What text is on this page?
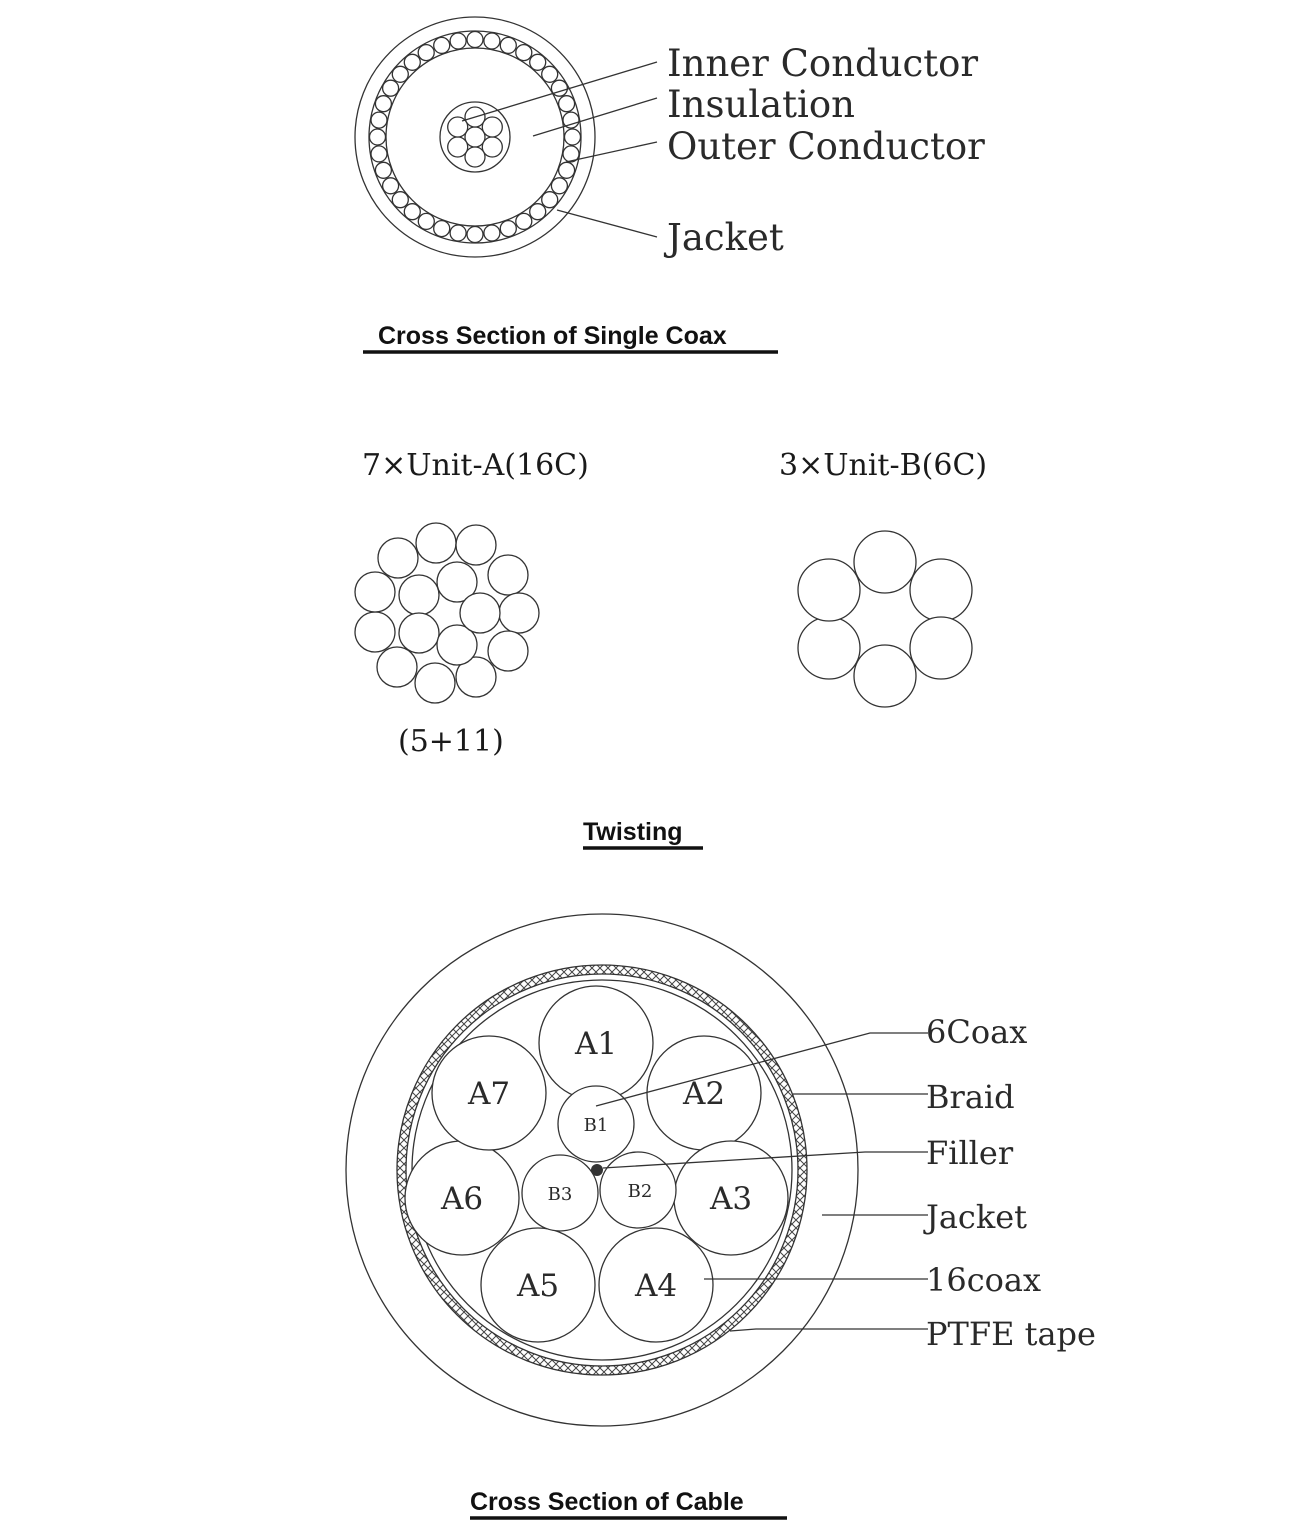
Inner Conductor
Insulation
Outer Conductor
Jacket
Cross Section of Single Coax
7×Unit-A(16C)	3×Unit-B(6C)
(5+11)
Twisting
A1
A2
A3
A4
A5
A6
A7
B1
B2
B3
6Coax
Braid
Filler
Jacket
16coax
PTFE tape
Cross Section of Cable
